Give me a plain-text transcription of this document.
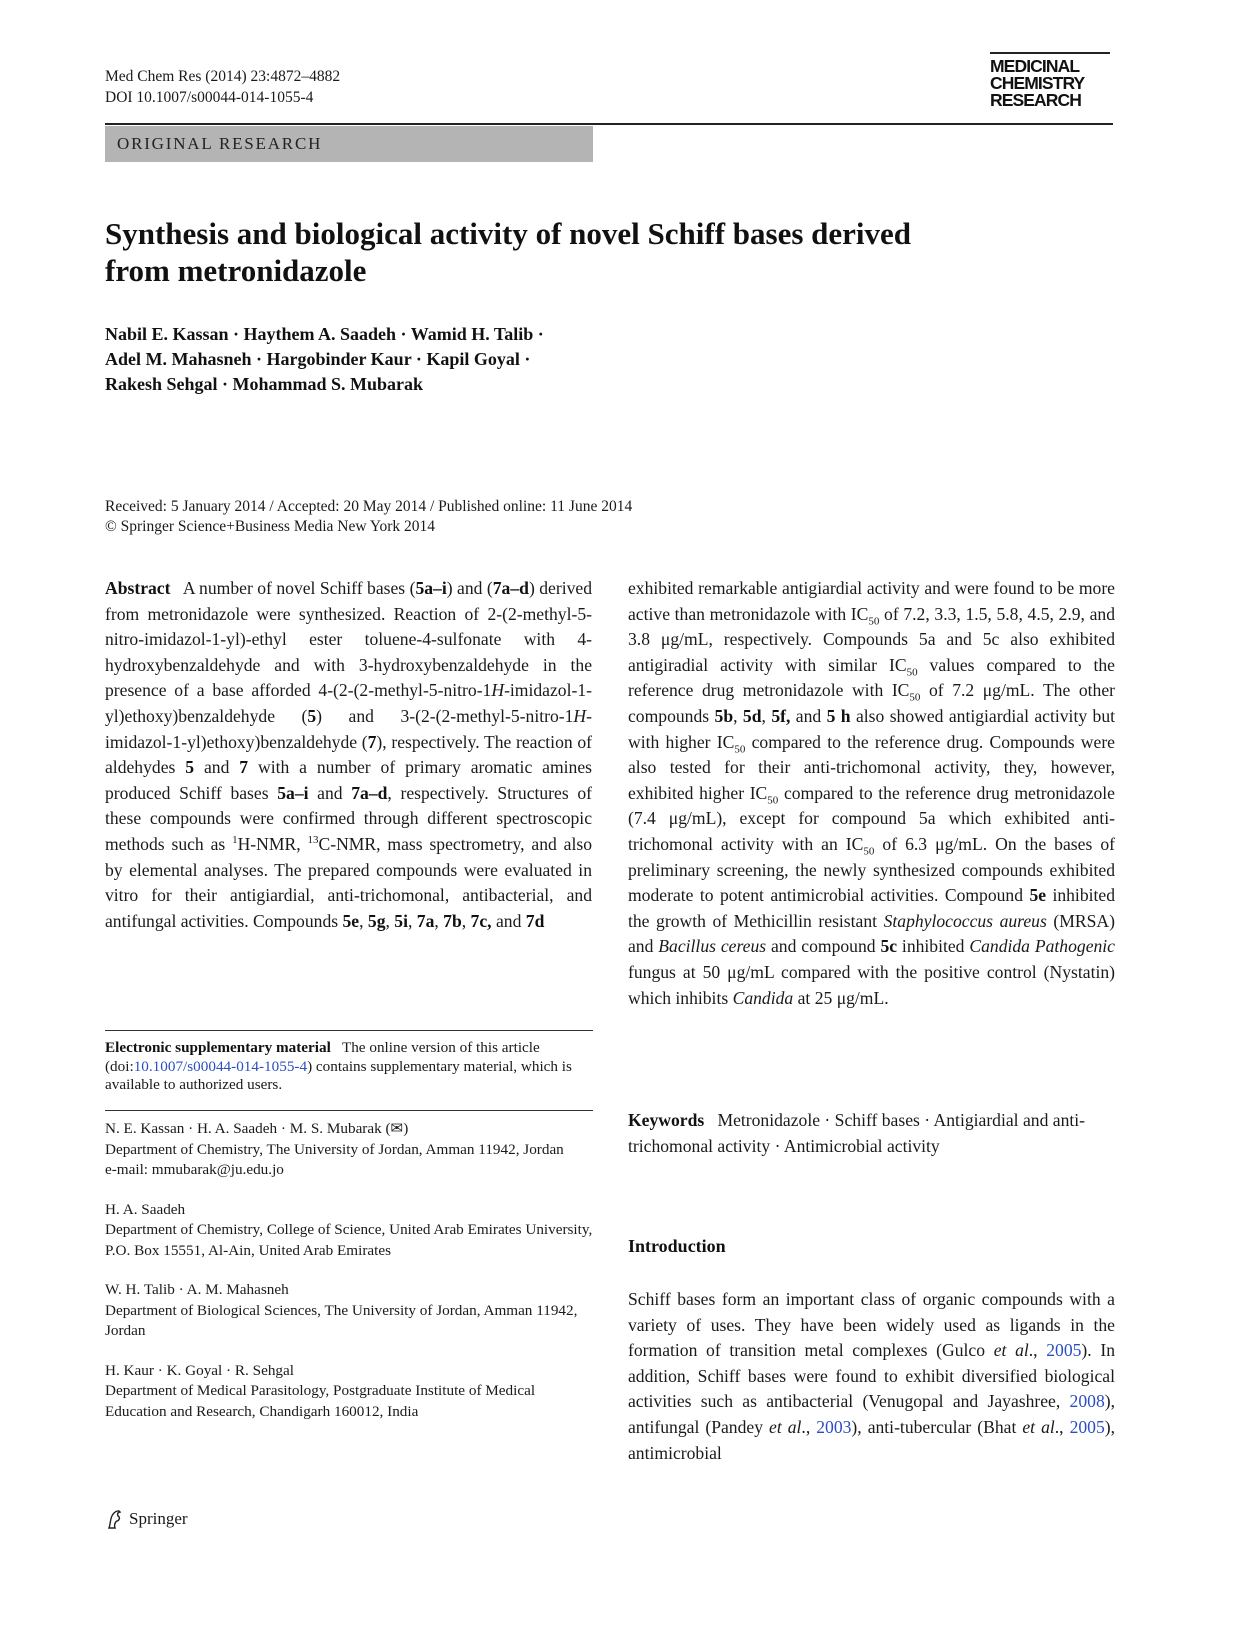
Med Chem Res (2014) 23:4872–4882
DOI 10.1007/s00044-014-1055-4
MEDICINAL
CHEMISTRY
RESEARCH
ORIGINAL RESEARCH
Synthesis and biological activity of novel Schiff bases derived
from metronidazole
Nabil E. Kassan · Haythem A. Saadeh · Wamid H. Talib ·
Adel M. Mahasneh · Hargobinder Kaur · Kapil Goyal ·
Rakesh Sehgal · Mohammad S. Mubarak
Received: 5 January 2014 / Accepted: 20 May 2014 / Published online: 11 June 2014
© Springer Science+Business Media New York 2014

Abstract A number of novel Schiff bases (5a–i) and (7a–d) derived from metronidazole were synthesized. Reaction of 2-(2-methyl-5-nitro-imidazol-1-yl)-ethyl ester toluene-4-sulfonate with 4-hydroxybenzaldehyde and with 3-hydroxybenzaldehyde in the presence of a base afforded 4-(2-(2-methyl-5-nitro-1H-imidazol-1-yl)ethoxy)benzaldehyde (5) and 3-(2-(2-methyl-5-nitro-1H-imidazol-1-yl)ethoxy)benzaldehyde (7), respectively. The reaction of aldehydes 5 and 7 with a number of primary aromatic amines produced Schiff bases 5a–i and 7a–d, respectively. Structures of these compounds were confirmed through different spectroscopic methods such as $^1$H-NMR, $^{13}$C-NMR, mass spectrometry, and also by elemental analyses. The prepared compounds were evaluated in vitro for their antigiardial, anti-trichomonal, antibacterial, and antifungal activities. Compounds 5e, 5g, 5i, 7a, 7b, 7c, and 7d

Electronic supplementary material The online version of this article (doi:10.1007/s00044-014-1055-4) contains supplementary material, which is available to authorized users.
N. E. Kassan · H. A. Saadeh · M. S. Mubarak (✉)
Department of Chemistry, The University of Jordan, Amman 11942, Jordan
e-mail: mmubarak@ju.edu.jo
H. A. Saadeh
Department of Chemistry, College of Science, United Arab Emirates University, P.O. Box 15551, Al-Ain, United Arab Emirates
W. H. Talib · A. M. Mahasneh
Department of Biological Sciences, The University of Jordan, Amman 11942, Jordan
H. Kaur · K. Goyal · R. Sehgal
Department of Medical Parasitology, Postgraduate Institute of Medical Education and Research, Chandigarh 160012, India

exhibited remarkable antigiardial activity and were found to be more active than metronidazole with $IC_{50}$ of 7.2, 3.3, 1.5, 5.8, 4.5, 2.9, and 3.8 μg/mL, respectively. Compounds 5a and 5c also exhibited antigiradial activity with similar $IC_{50}$ values compared to the reference drug metronidazole with $IC_{50}$ of 7.2 μg/mL. The other compounds 5b, 5d, 5f, and 5 h also showed antigiardial activity but with higher $IC_{50}$ compared to the reference drug. Compounds were also tested for their anti-trichomonal activity, they, however, exhibited higher $IC_{50}$ compared to the reference drug metronidazole (7.4 μg/mL), except for compound 5a which exhibited anti-trichomonal activity with an $IC_{50}$ of 6.3 μg/mL. On the bases of preliminary screening, the newly synthesized compounds exhibited moderate to potent antimicrobial activities. Compound 5e inhibited the growth of Methicillin resistant Staphylococcus aureus (MRSA) and Bacillus cereus and compound 5c inhibited Candida Pathogenic fungus at 50 μg/mL compared with the positive control (Nystatin) which inhibits Candida at 25 μg/mL.

Keywords Metronidazole · Schiff bases · Antigiardial and anti-trichomonal activity · Antimicrobial activity
Introduction

Schiff bases form an important class of organic compounds with a variety of uses. They have been widely used as ligands in the formation of transition metal complexes (Gulco et al., 2005). In addition, Schiff bases were found to exhibit diversified biological activities such as antibacterial (Venugopal and Jayashree, 2008), antifungal (Pandey et al., 2003), anti-tubercular (Bhat et al., 2005), antimicrobial

Springer
